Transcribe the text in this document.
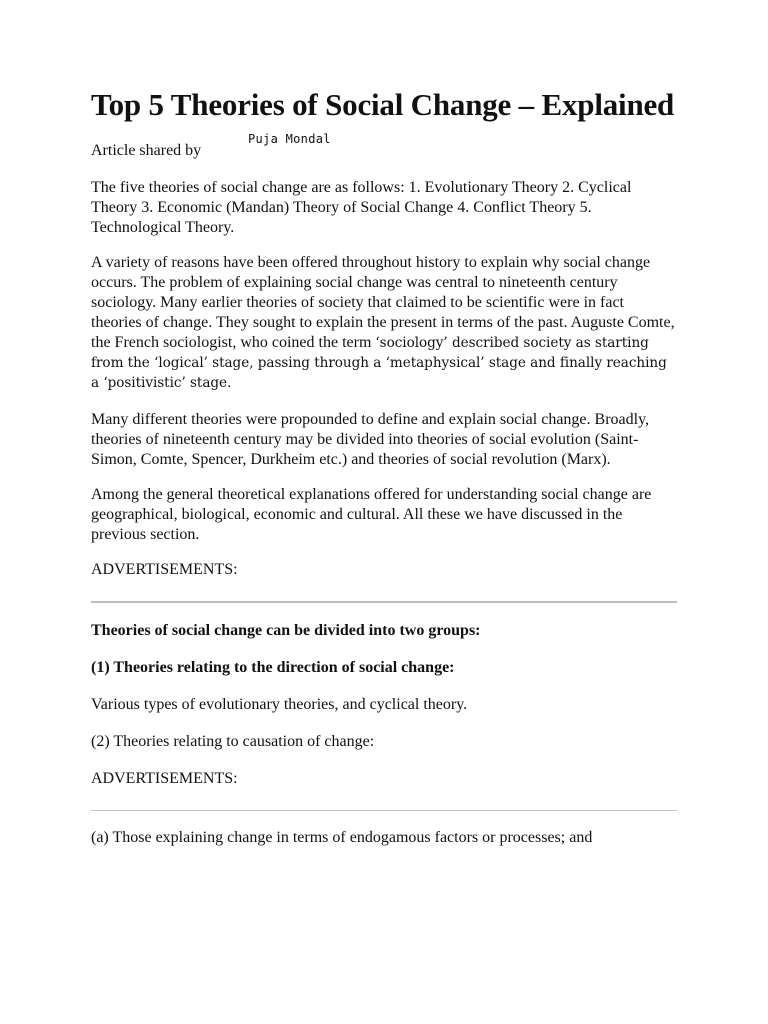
Top 5 Theories of Social Change – Explained
Article shared by
Puja Mondal

The five theories of social change are as follows: 1. Evolutionary Theory 2. Cyclical Theory 3. Economic (Mandan) Theory of Social Change 4. Conflict Theory 5. Technological Theory.

A variety of reasons have been offered throughout history to explain why social change occurs. The problem of explaining social change was central to nineteenth century sociology. Many earlier theories of society that claimed to be scientific were in fact theories of change. They sought to explain the present in terms of the past. Auguste Comte, the French sociologist, who coined the term ‘sociology’ described society as starting from the ‘logical’ stage, passing through a ‘metaphysical’ stage and finally reaching a ‘positivistic’ stage.

Many different theories were propounded to define and explain social change. Broadly, theories of nineteenth century may be divided into theories of social evolution (Saint-Simon, Comte, Spencer, Durkheim etc.) and theories of social revolution (Marx).

Among the general theoretical explanations offered for understanding social change are geographical, biological, economic and cultural. All these we have discussed in the previous section.

ADVERTISEMENTS:

Theories of social change can be divided into two groups:

(1) Theories relating to the direction of social change:

Various types of evolutionary theories, and cyclical theory.

(2) Theories relating to causation of change:

ADVERTISEMENTS:

(a) Those explaining change in terms of endogamous factors or processes; and
